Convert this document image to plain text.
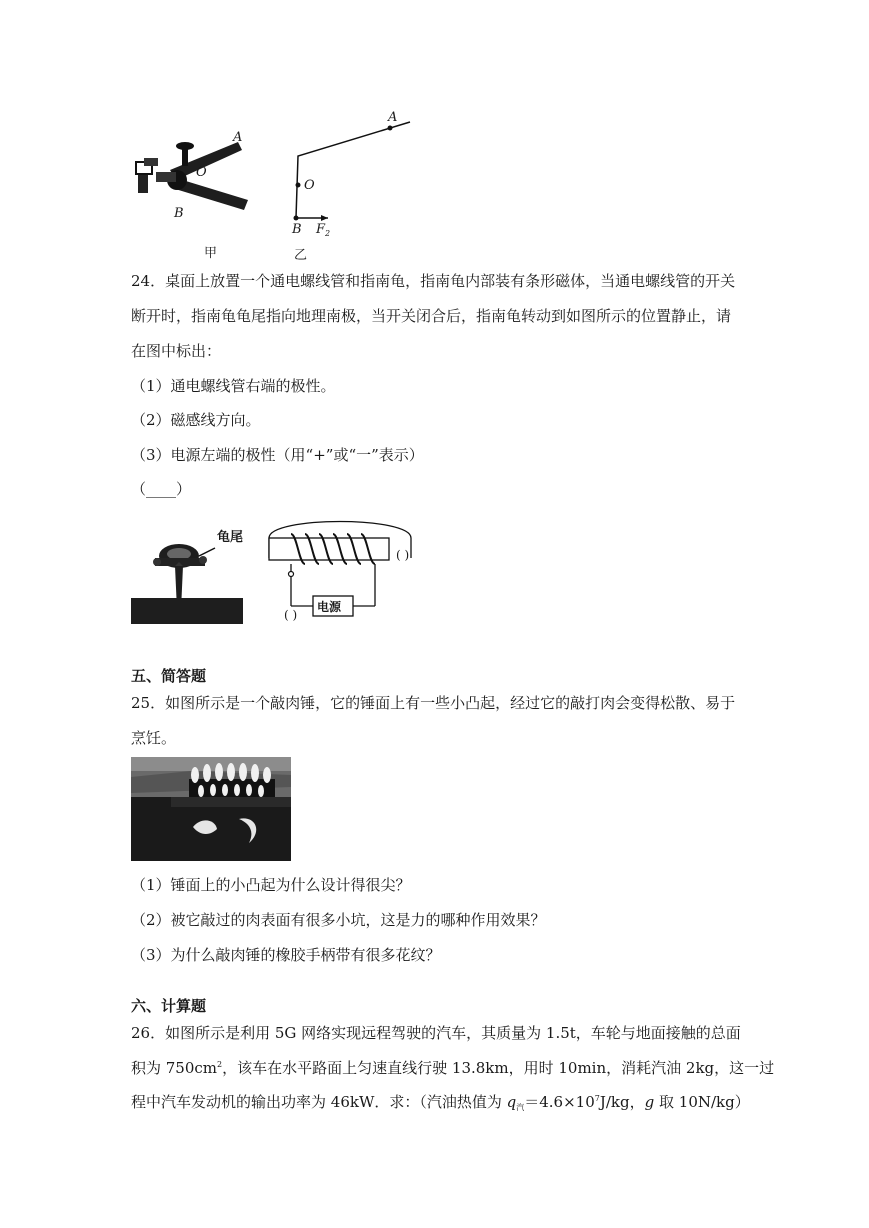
A
O
B
甲
A
O
B $F_2$
乙
24．桌面上放置一个通电螺线管和指南龟，指南龟内部装有条形磁体，当通电螺线管的开关
断开时，指南龟龟尾指向地理南极，当开关闭合后，指南龟转动到如图所示的位置静止，请
在图中标出：
（1）通电螺线管右端的极性。
（2）磁感线方向。
（3）电源左端的极性（用“+”或“一”表示）
（____）
龟尾
( )
( )
电源
五、简答题
25．如图所示是一个敲肉锤，它的锤面上有一些小凸起，经过它的敲打肉会变得松散、易于
烹饪。
（1）锤面上的小凸起为什么设计得很尖？
（2）被它敲过的肉表面有很多小坑，这是力的哪种作用效果？
（3）为什么敲肉锤的橡胶手柄带有很多花纹？
六、计算题
26．如图所示是利用 5G 网络实现远程驾驶的汽车，其质量为 1.5t，车轮与地面接触的总面
积为 $750cm^2$，该车在水平路面上匀速直线行驶 13.8km，用时 10min，消耗汽油 2kg，这一过
程中汽车发动机的输出功率为 46kW．求：（汽油热值为 $q_汽=4.6\times 10^7J/kg$，g 取 10N/kg）
